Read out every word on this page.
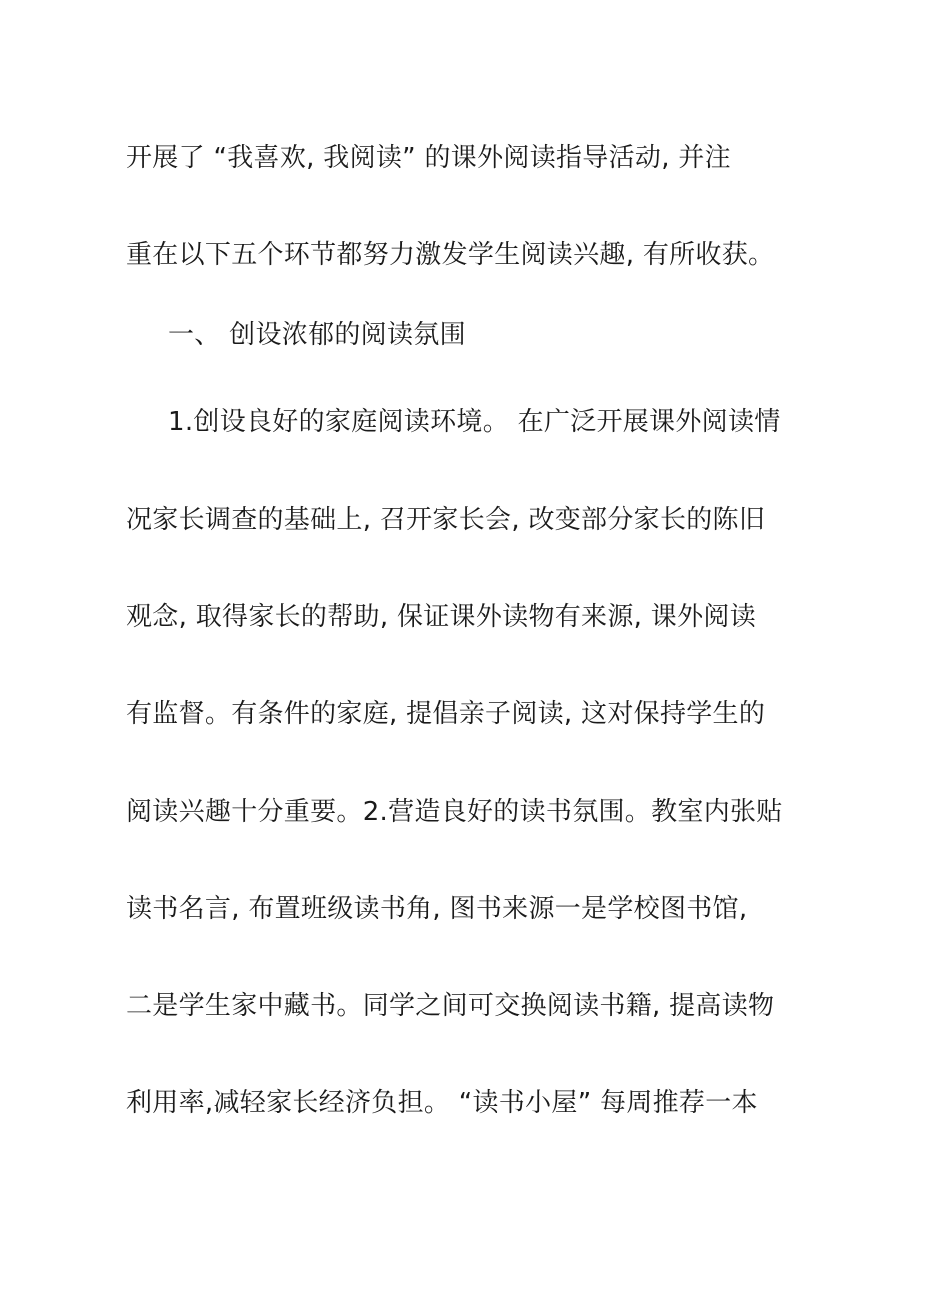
开展了 “我喜欢, 我阅读” 的课外阅读指导活动, 并注
重在以下五个环节都努力激发学生阅读兴趣, 有所收获。
一、 创设浓郁的阅读氛围
1.创设良好的家庭阅读环境。 在广泛开展课外阅读情
况家长调查的基础上, 召开家长会, 改变部分家长的陈旧
观念, 取得家长的帮助, 保证课外读物有来源, 课外阅读
有监督。有条件的家庭, 提倡亲子阅读, 这对保持学生的
阅读兴趣十分重要。2.营造良好的读书氛围。教室内张贴
读书名言, 布置班级读书角, 图书来源一是学校图书馆,
二是学生家中藏书。同学之间可交换阅读书籍, 提高读物
利用率,减轻家长经济负担。 “读书小屋” 每周推荐一本
